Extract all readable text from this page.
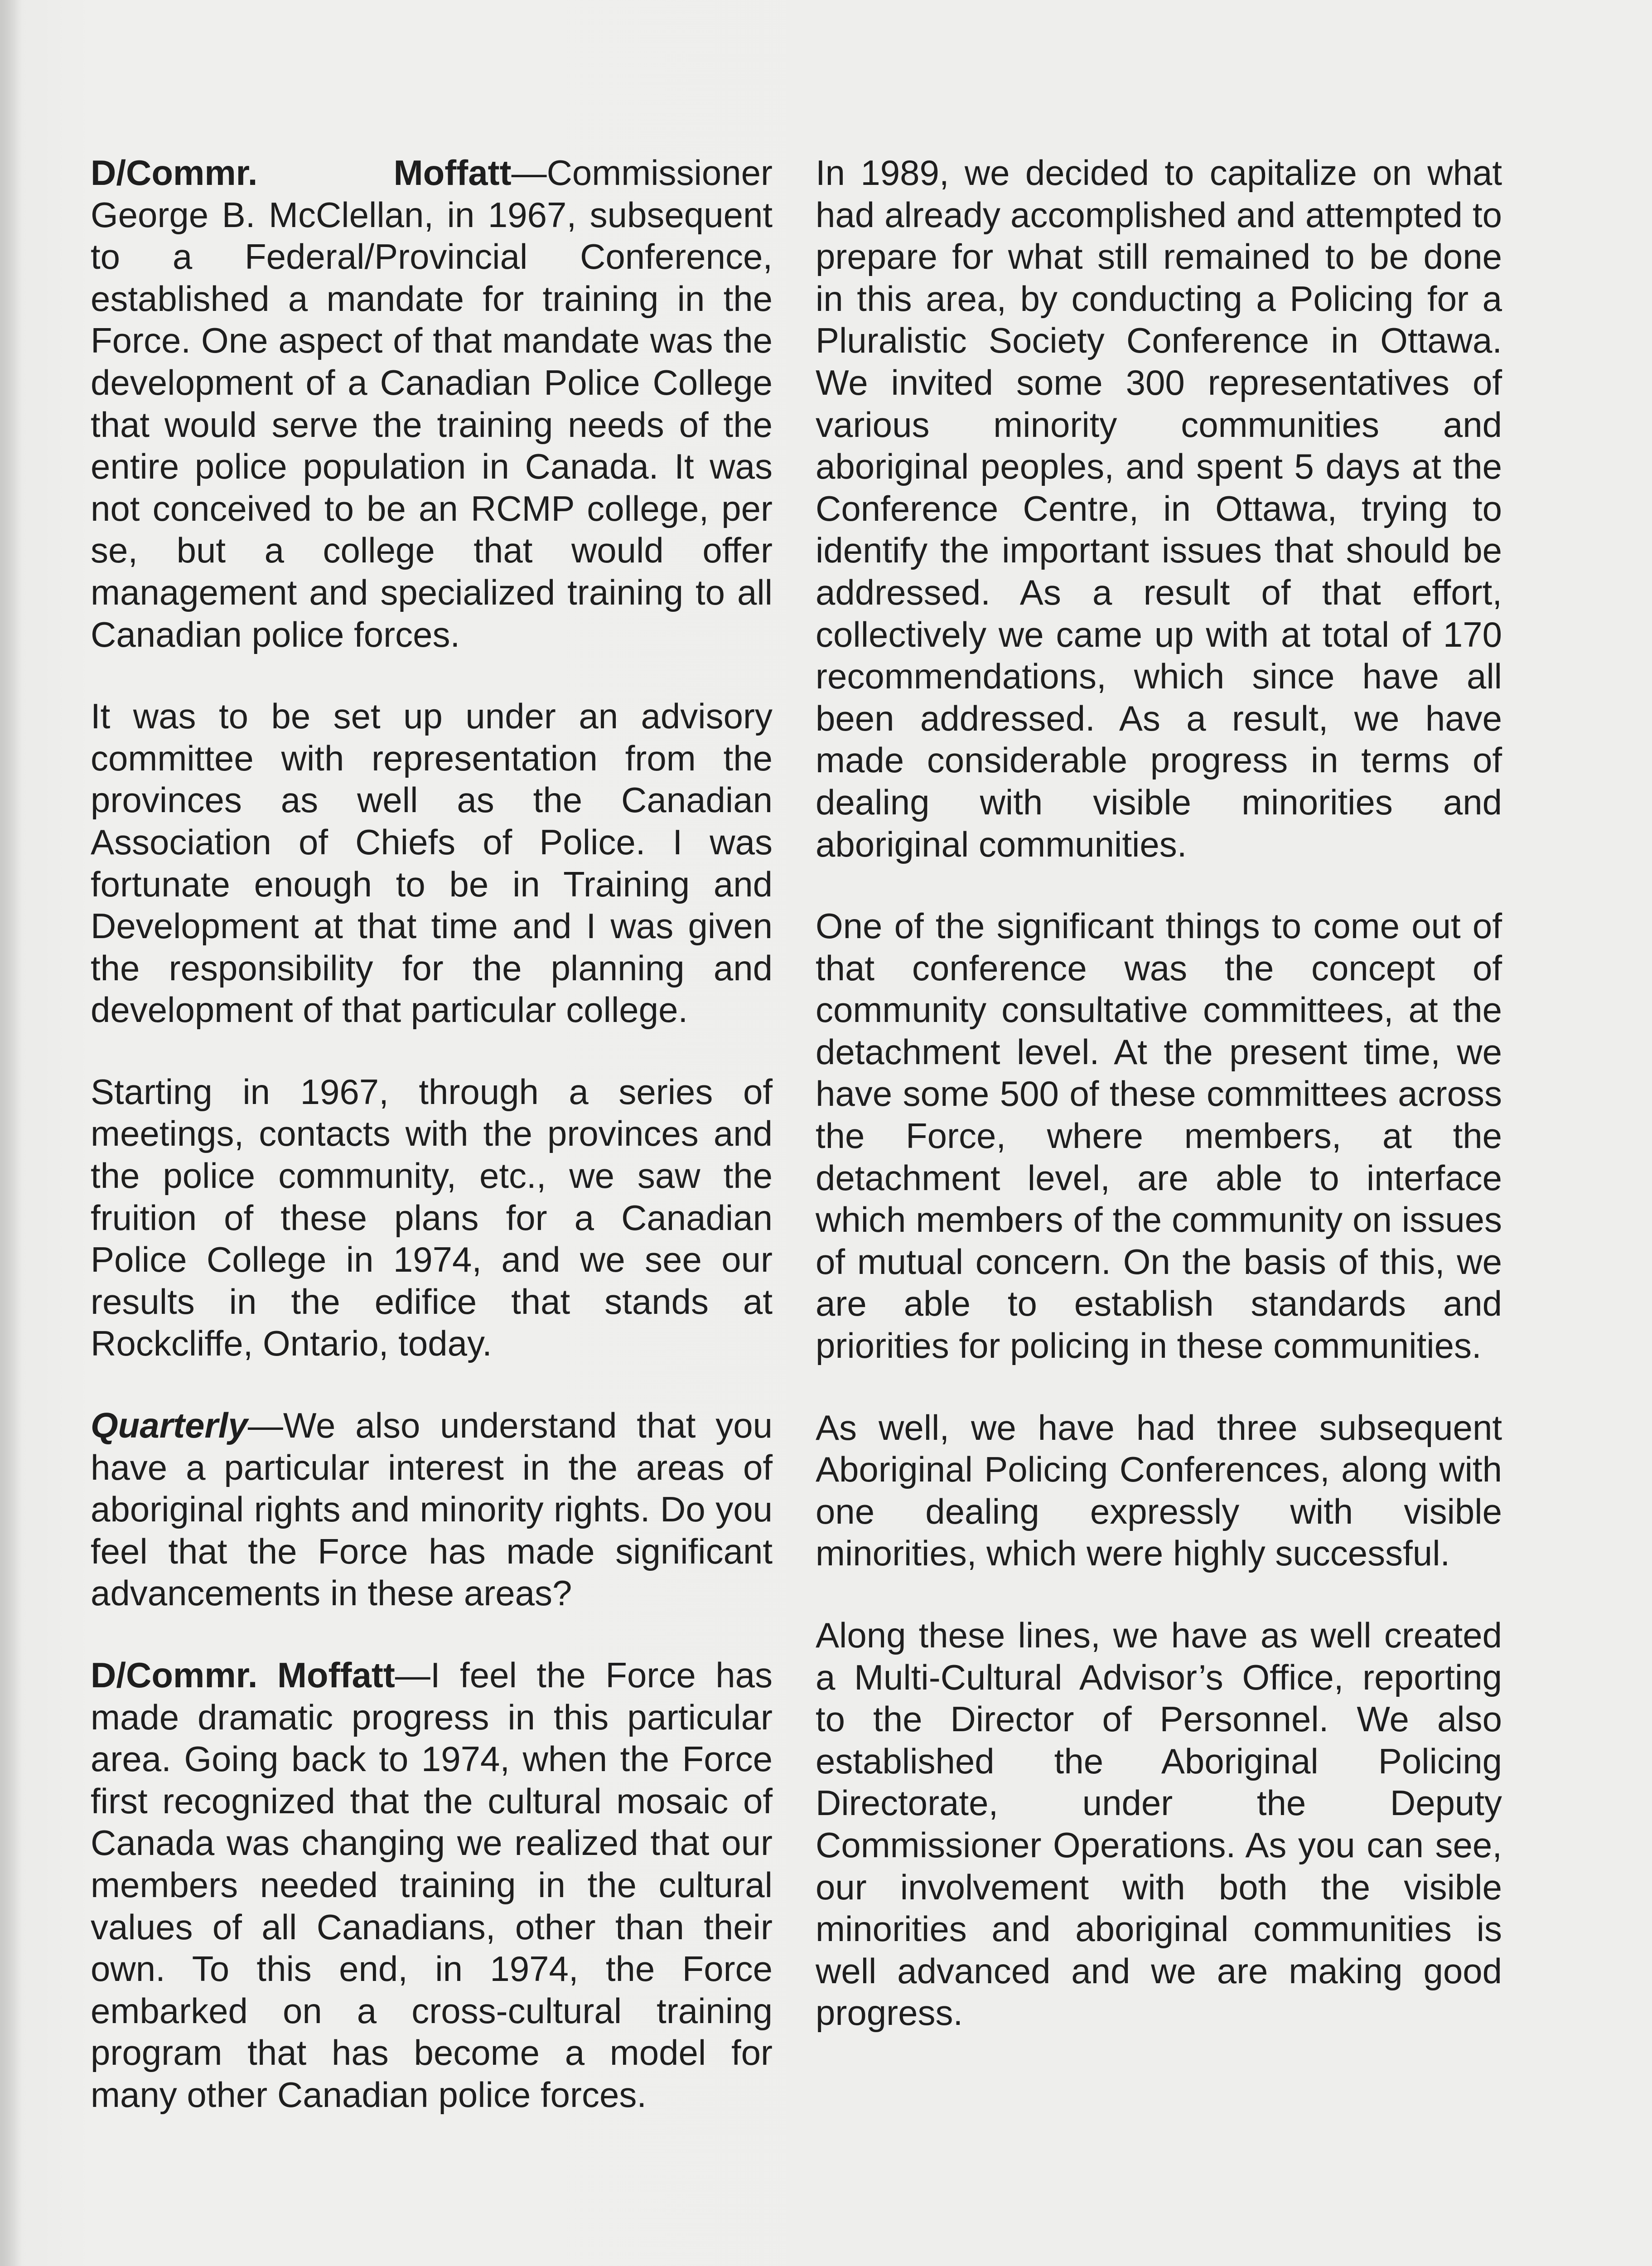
D/Commr. Moffatt—Commissioner George B. McClellan, in 1967, subsequent to a Federal/Provincial Conference, established a mandate for training in the Force. One aspect of that mandate was the development of a Canadian Police College that would serve the training needs of the entire police population in Canada. It was not conceived to be an RCMP college, per se, but a college that would offer management and specialized training to all Canadian police forces.

It was to be set up under an advisory committee with representation from the provinces as well as the Canadian Association of Chiefs of Police. I was fortunate enough to be in Training and Development at that time and I was given the responsibility for the planning and development of that particular college.

Starting in 1967, through a series of meetings, contacts with the provinces and the police community, etc., we saw the fruition of these plans for a Canadian Police College in 1974, and we see our results in the edifice that stands at Rockcliffe, Ontario, today.

Quarterly—We also understand that you have a particular interest in the areas of aboriginal rights and minority rights. Do you feel that the Force has made significant advancements in these areas?

D/Commr. Moffatt—I feel the Force has made dramatic progress in this particular area. Going back to 1974, when the Force first recognized that the cultural mosaic of Canada was changing we realized that our members needed training in the cultural values of all Canadians, other than their own. To this end, in 1974, the Force embarked on a cross-cultural training program that has become a model for many other Canadian police forces.

In 1989, we decided to capitalize on what had already accomplished and attempted to prepare for what still remained to be done in this area, by conducting a Policing for a Pluralistic Society Conference in Ottawa. We invited some 300 representatives of various minority communities and aboriginal peoples, and spent 5 days at the Conference Centre, in Ottawa, trying to identify the important issues that should be addressed. As a result of that effort, collectively we came up with at total of 170 recommendations, which since have all been addressed. As a result, we have made considerable progress in terms of dealing with visible minorities and aboriginal communities.

One of the significant things to come out of that conference was the concept of community consultative committees, at the detachment level. At the present time, we have some 500 of these committees across the Force, where members, at the detachment level, are able to interface which members of the community on issues of mutual concern. On the basis of this, we are able to establish standards and priorities for policing in these communities.

As well, we have had three subsequent Aboriginal Policing Conferences, along with one dealing expressly with visible minorities, which were highly successful.

Along these lines, we have as well created a Multi-Cultural Advisor’s Office, reporting to the Director of Personnel. We also established the Aboriginal Policing Directorate, under the Deputy Commissioner Operations. As you can see, our involvement with both the visible minorities and aboriginal communities is well advanced and we are making good progress.
